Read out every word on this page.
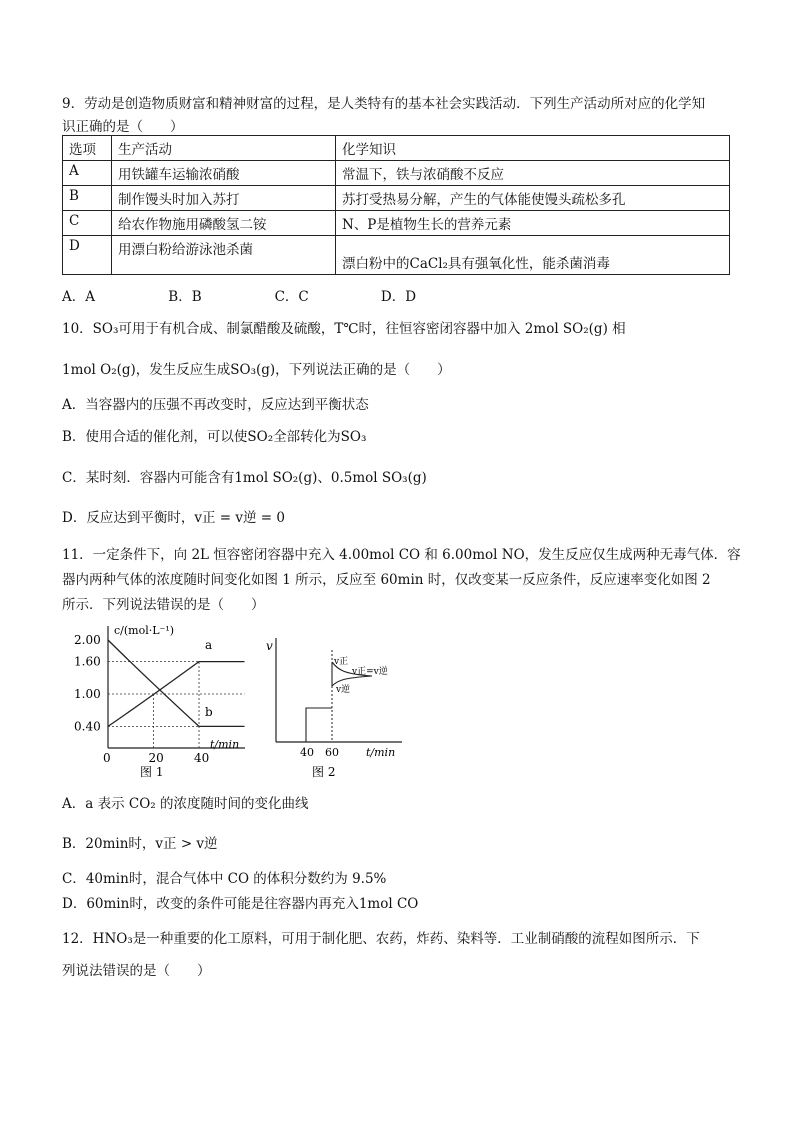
9．劳动是创造物质财富和精神财富的过程，是人类特有的基本社会实践活动．下列生产活动所对应的化学知
识正确的是（　　）
选项	生产活动	化学知识
A	用铁罐车运输浓硝酸	常温下，铁与浓硝酸不反应
B	制作馒头时加入苏打	苏打受热易分解，产生的气体能使馒头疏松多孔
C	给农作物施用磷酸氢二铵	N、P是植物生长的营养元素
D	用漂白粉给游泳池杀菌	漂白粉中的CaCl₂具有强氧化性，能杀菌消毒
A．A	B．B	C．C	D．D
10．SO₃可用于有机合成、制氯醋酸及硫酸，T℃时，往恒容密闭容器中加入 2mol SO₂(g) 相
1mol O₂(g)，发生反应生成SO₃(g)，下列说法正确的是（　　）
A．当容器内的压强不再改变时，反应达到平衡状态
B．使用合适的催化剂，可以使SO₂全部转化为SO₃
C．某时刻．容器内可能含有1mol SO₂(g)、0.5mol SO₃(g)
D．反应达到平衡时，v正 = v逆 = 0
11．一定条件下，向 2L 恒容密闭容器中充入 4.00mol CO 和 6.00mol NO，发生反应仅生成两种无毒气体．容
器内两种气体的浓度随时间变化如图 1 所示，反应至 60min 时，仅改变某一反应条件，反应速率变化如图 2
所示．下列说法错误的是（　　）
2.00
1.60
1.00
0.40
0	20	40
a
b
c/(mol·L⁻¹)
t/min
图 1
v
v正
v正=v逆
v逆
40 60 t/min
图 2
A．a 表示 CO₂ 的浓度随时间的变化曲线
B．20min时，v正 > v逆
C．40min时，混合气体中 CO 的体积分数约为 9.5%
D．60min时，改变的条件可能是往容器内再充入1mol CO
12．HNO₃是一种重要的化工原料，可用于制化肥、农药，炸药、染料等．工业制硝酸的流程如图所示．下
列说法错误的是（　　）
